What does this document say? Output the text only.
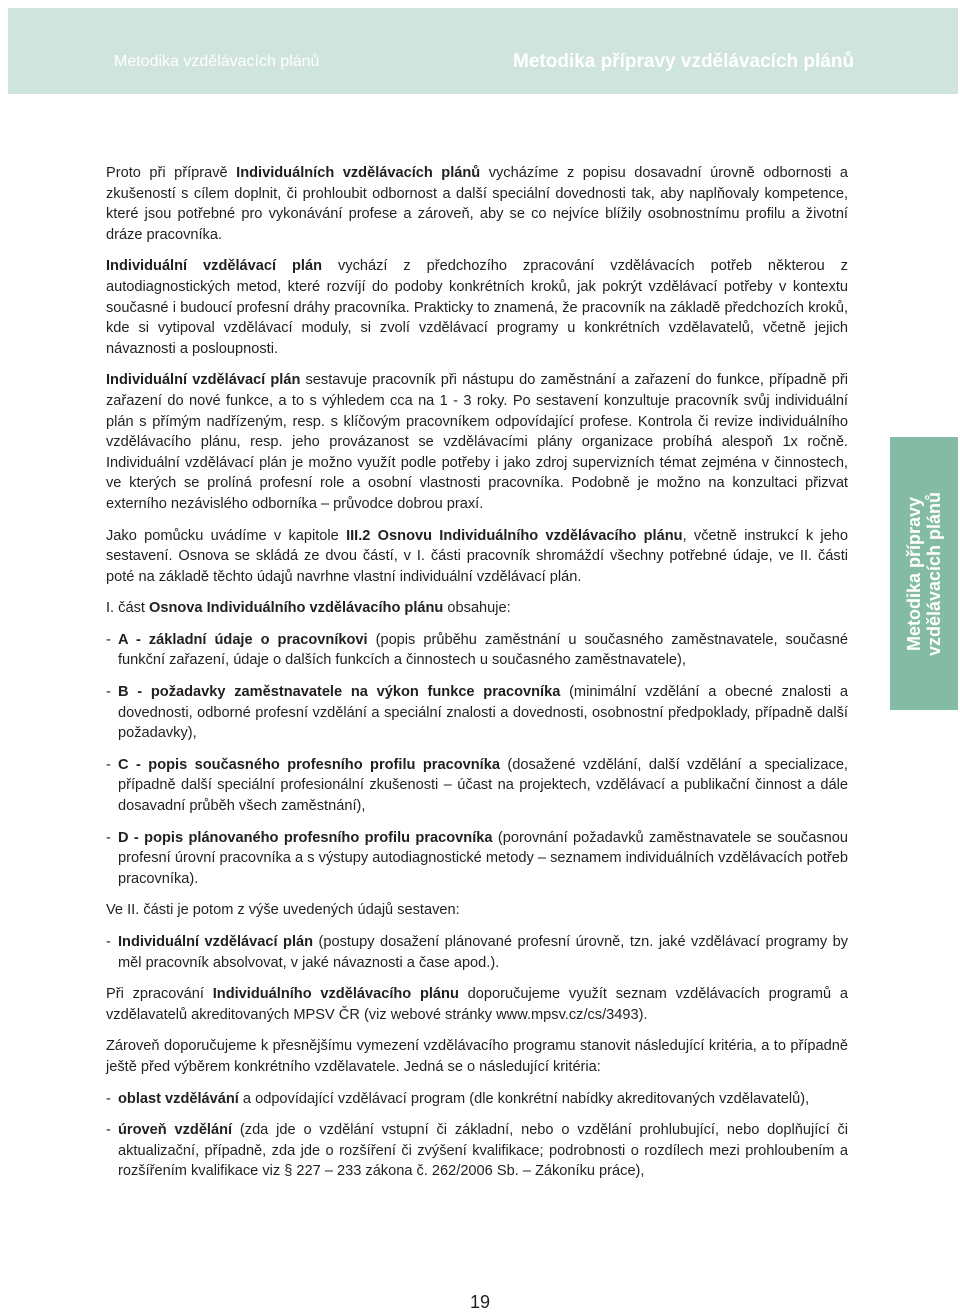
Metodika vzdělávacích plánů	Metodika přípravy vzdělávacích plánů
Metodika přípravy vzdělávacích plánů

Proto při přípravě Individuálních vzdělávacích plánů vycházíme z popisu dosavadní úrovně odbornosti a zkušeností s cílem doplnit, či prohloubit odbornost a další speciální dovednosti tak, aby naplňovaly kompetence, které jsou potřebné pro vykonávání profese a zároveň, aby se co nejvíce blížily osobnostnímu profilu a životní dráze pracovníka.

Individuální vzdělávací plán vychází z předchozího zpracování vzdělávacích potřeb některou z autodiagnostických metod, které rozvíjí do podoby konkrétních kroků, jak pokrýt vzdělávací potřeby v kontextu současné i budoucí profesní dráhy pracovníka. Prakticky to znamená, že pracovník na základě předchozích kroků, kde si vytipoval vzdělávací moduly, si zvolí vzdělávací programy u konkrétních vzdělavatelů, včetně jejich návaznosti a posloupnosti.

Individuální vzdělávací plán sestavuje pracovník při nástupu do zaměstnání a zařazení do funkce, případně při zařazení do nové funkce, a to s výhledem cca na 1 - 3 roky. Po sestavení konzultuje pracovník svůj individuální plán s přímým nadřízeným, resp. s klíčovým pracovníkem odpovídající profese. Kontrola či revize individuálního vzdělávacího plánu, resp. jeho provázanost se vzdělávacími plány organizace probíhá alespoň 1x ročně. Individuální vzdělávací plán je možno využít podle potřeby i jako zdroj supervizních témat zejména v činnostech, ve kterých se prolíná profesní role a osobní vlastnosti pracovníka. Podobně je možno na konzultaci přizvat externího nezávislého odborníka – průvodce dobrou praxí.

Jako pomůcku uvádíme v kapitole III.2 Osnovu Individuálního vzdělávacího plánu, včetně instrukcí k jeho sestavení. Osnova se skládá ze dvou částí, v I. části pracovník shromáždí všechny potřebné údaje, ve II. části poté na základě těchto údajů navrhne vlastní individuální vzdělávací plán.

I. část Osnova Individuálního vzdělávacího plánu obsahuje:

- A - základní údaje o pracovníkovi (popis průběhu zaměstnání u současného zaměstnavatele, současné funkční zařazení, údaje o dalších funkcích a činnostech u současného zaměstnavatele),
- B - požadavky zaměstnavatele na výkon funkce pracovníka (minimální vzdělání a obecné znalosti a dovednosti, odborné profesní vzdělání a speciální znalosti a dovednosti, osobnostní předpoklady, případně další požadavky),
- C - popis současného profesního profilu pracovníka (dosažené vzdělání, další vzdělání a specializace, případně další speciální profesionální zkušenosti – účast na projektech, vzdělávací a publikační činnost a dále dosavadní průběh všech zaměstnání),
- D - popis plánovaného profesního profilu pracovníka (porovnání požadavků zaměstnavatele se současnou profesní úrovní pracovníka a s výstupy autodiagnostické metody – seznamem individuálních vzdělávacích potřeb pracovníka).

Ve II. části je potom z výše uvedených údajů sestaven:

- Individuální vzdělávací plán (postupy dosažení plánované profesní úrovně, tzn. jaké vzdělávací programy by měl pracovník absolvovat, v jaké návaznosti a čase apod.).

Při zpracování Individuálního vzdělávacího plánu doporučujeme využít seznam vzdělávacích programů a vzdělavatelů akreditovaných MPSV ČR (viz webové stránky www.mpsv.cz/cs/3493).

Zároveň doporučujeme k přesnějšímu vymezení vzdělávacího programu stanovit následující kritéria, a to případně ještě před výběrem konkrétního vzdělavatele. Jedná se o následující kritéria:

- oblast vzdělávání a odpovídající vzdělávací program (dle konkrétní nabídky akreditovaných vzdělavatelů),
- úroveň vzdělání (zda jde o vzdělání vstupní či základní, nebo o vzdělání prohlubující, nebo doplňující či aktualizační, případně, zda jde o rozšíření či zvýšení kvalifikace; podrobnosti o rozdílech mezi prohloubením a rozšířením kvalifikace viz § 227 – 233 zákona č. 262/2006 Sb. – Zákoníku práce),
19
